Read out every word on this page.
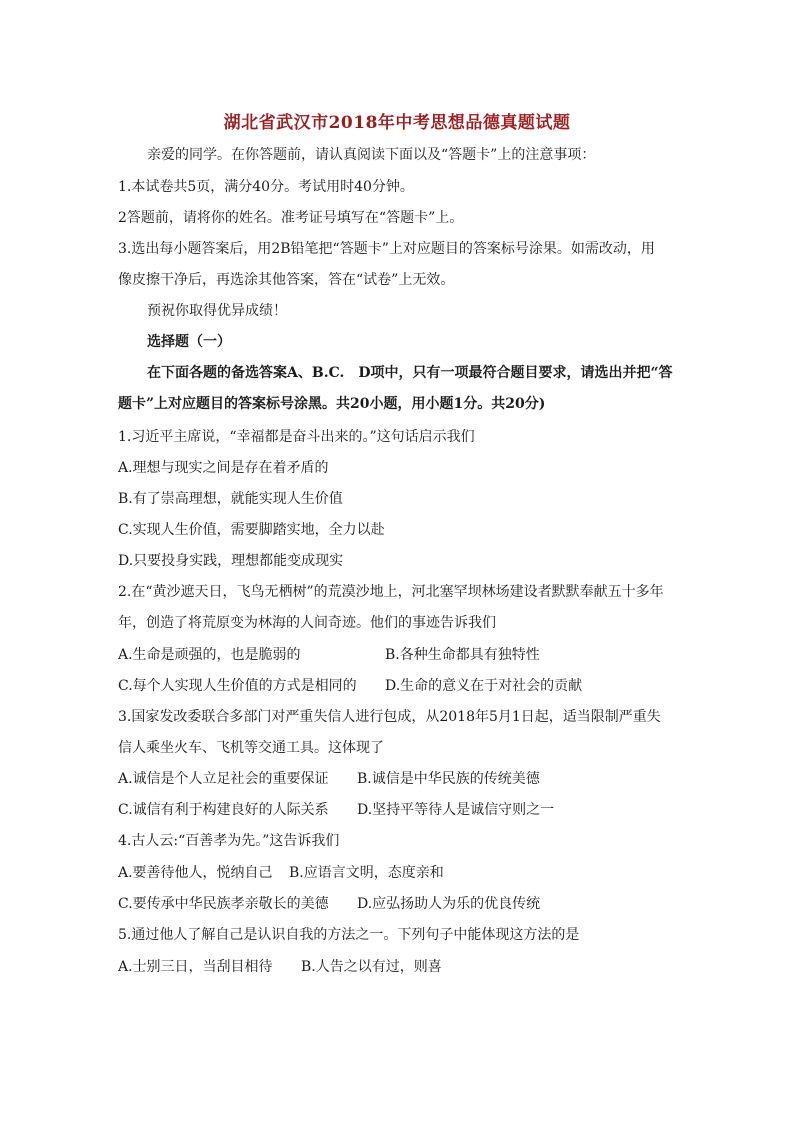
湖北省武汉市2018年中考思想品德真题试题
亲爱的同学。在你答题前，请认真阅读下面以及“答题卡”上的注意事项：
1.本试卷共5页，满分40分。考试用时40分钟。
2答题前，请将你的姓名。准考证号填写在“答题卡”上。
3.选出每小题答案后，用2B铅笔把“答题卡”上对应题目的答案标号涂果。如需改动，用
像皮擦干净后，再选涂其他答案，答在“试卷”上无效。
预祝你取得优异成绩！
选择题（一）
在下面各题的备选答案A、B.C.　D项中，只有一项最符合题目要求，请选出并把“答
题卡”上对应题目的答案标号涂黑。共20小题，用小题1分。共20分)
1.习近平主席说，“幸福都是奋斗出来的。”这句话启示我们
A.理想与现实之间是存在着矛盾的
B.有了崇高理想，就能实现人生价值
C.实现人生价值，需要脚踏实地，全力以赴
D.只要投身实践，理想都能变成现实
2.在“黄沙遮天日，飞鸟无栖树”的荒漠沙地上，河北塞罕坝林场建设者默默奉献五十多年
年，创造了将荒原变为林海的人间奇迹。他们的事迹告诉我们
A.生命是顽强的，也是脆弱的	B.各种生命都具有独特性
C.每个人实现人生价值的方式是相同的 D.生命的意义在于对社会的贡献
3.国家发改委联合多部门对严重失信人进行包成，从2018年5月1日起，适当限制严重失
信人乘坐火车、飞机等交通工具。这体现了
A.诚信是个人立足社会的重要保证 B.诚信是中华民族的传统美德
C.诚信有利于构建良好的人际关系 D.坚持平等待人是诚信守则之一
4.古人云:“百善孝为先。”这告诉我们
A.要善待他人，悦纳自己 B.应语言文明，态度亲和
C.要传承中华民族孝亲敬长的美德 D.应弘扬助人为乐的优良传统
5.通过他人了解自己是认识自我的方法之一。下列句子中能体现这方法的是
A.士别三日，当刮目相待 B.人告之以有过，则喜
